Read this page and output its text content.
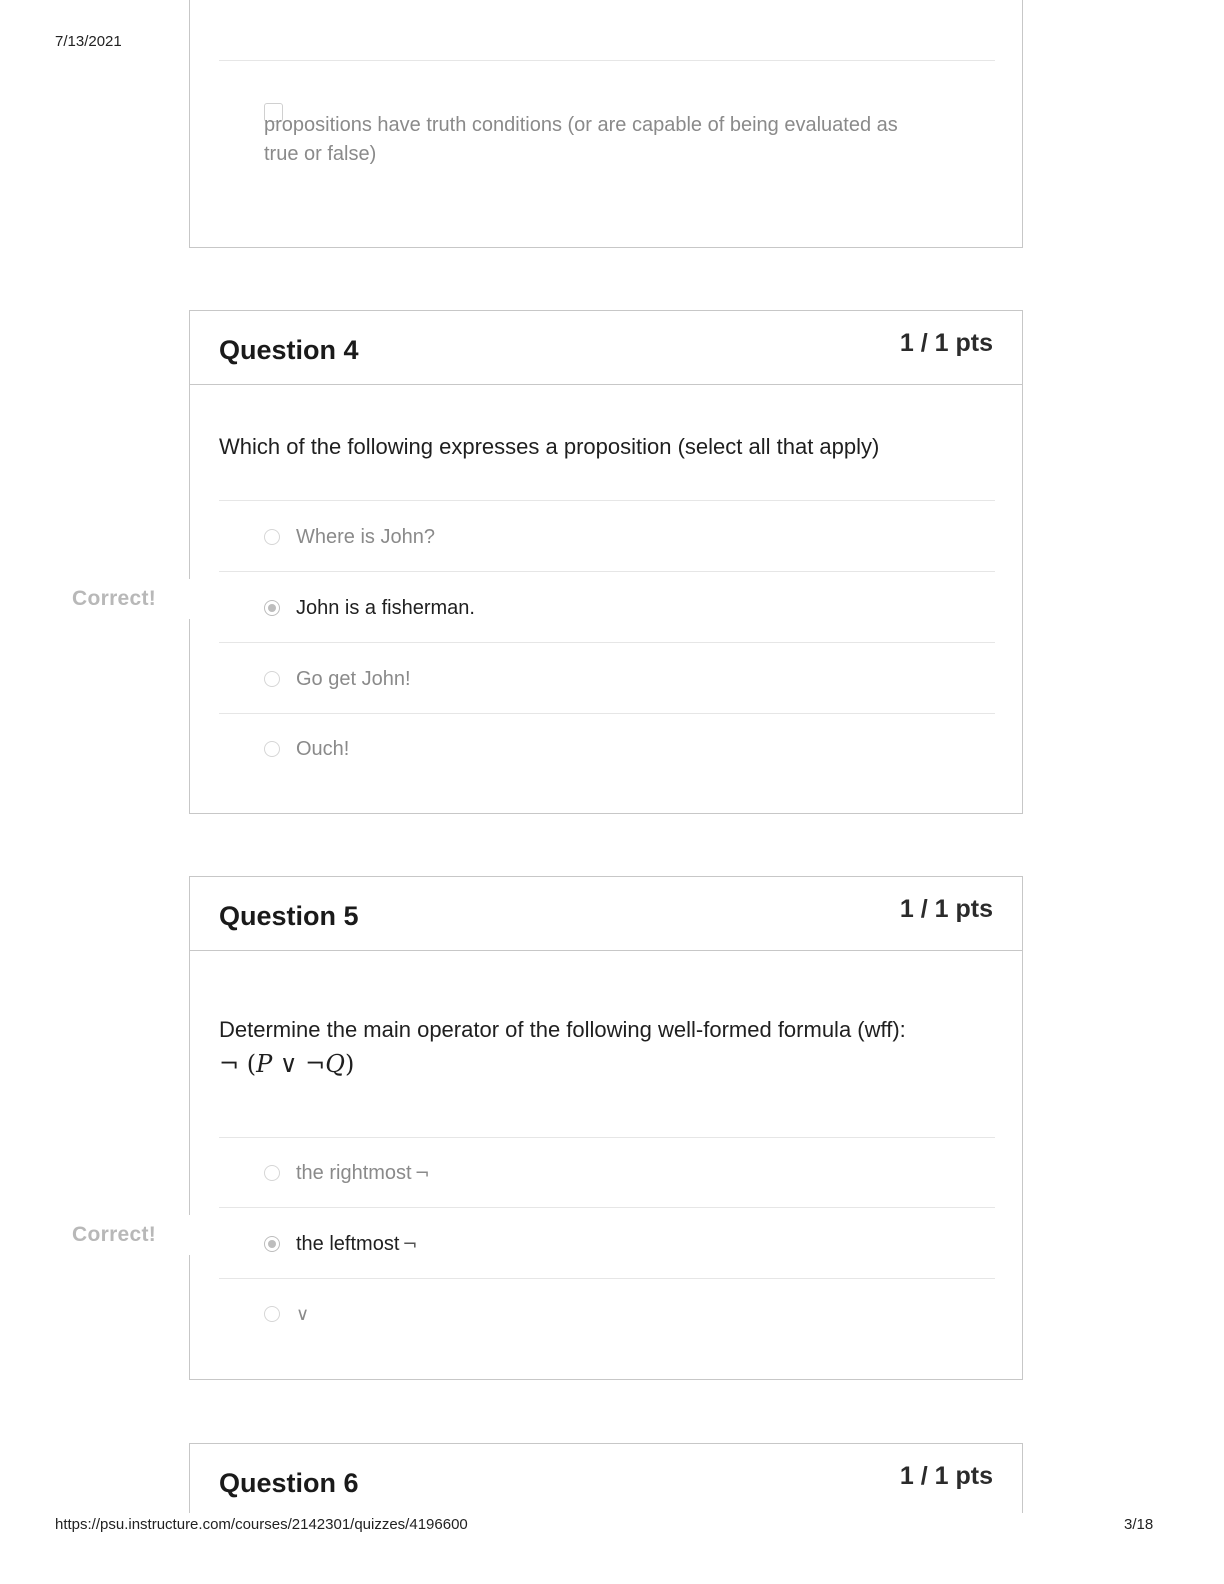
7/13/2021
propositions have truth conditions (or are capable of being evaluated as
true or false)
Question 4	1 / 1 pts
Which of the following expresses a proposition (select all that apply)
Where is John?
John is a fisherman.
Go get John!
Ouch!
Correct!
Question 5	1 / 1 pts
Determine the main operator of the following well-formed formula (wff):
¬ (P ∨ ¬Q)
the rightmost ¬
the leftmost ¬
∨
Correct!
Question 6	1 / 1 pts
https://psu.instructure.com/courses/2142301/quizzes/4196600	3/18
